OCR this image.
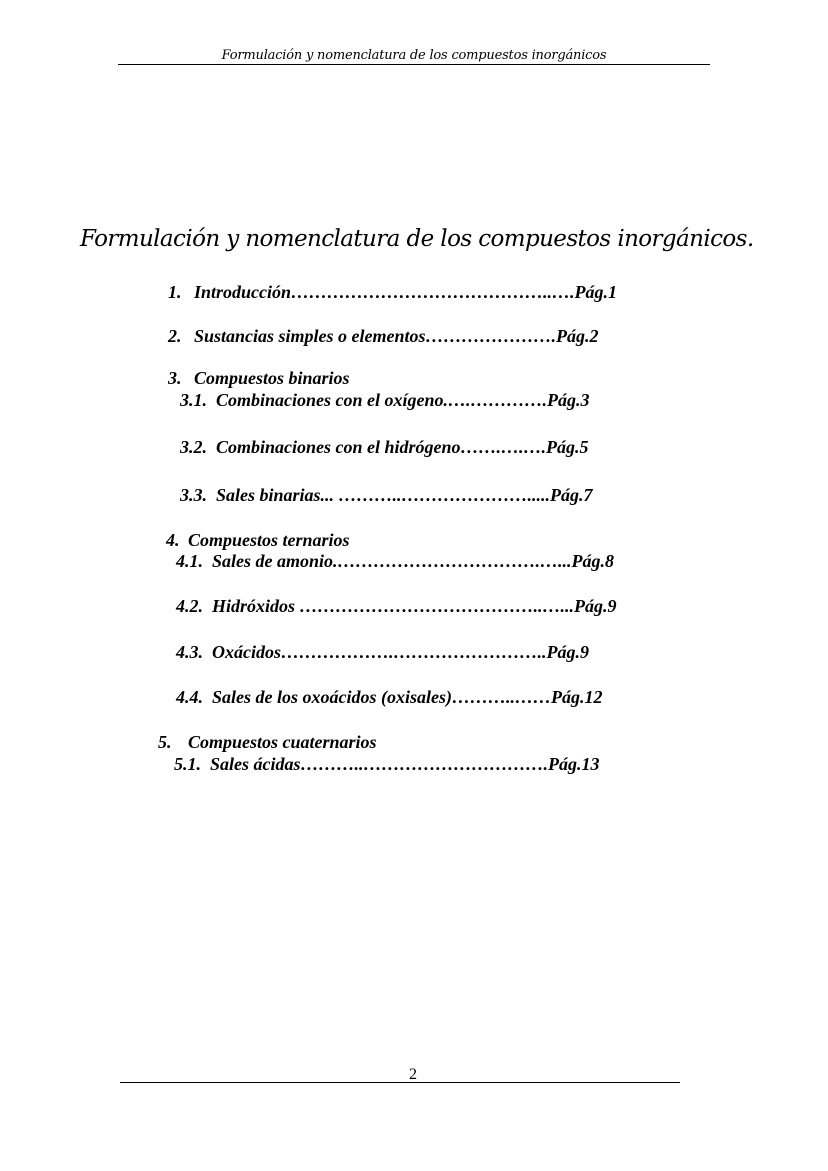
Formulación y nomenclatura de los compuestos inorgánicos
Formulación y nomenclatura de los compuestos inorgánicos.
1. Introducción……………………………………..….Pág.1
2. Sustancias simples o elementos………………….Pág.2
3. Compuestos binarios
3.1. Combinaciones con el oxígeno.….………….Pág.3
3.2. Combinaciones con el hidrógeno…….….….Pág.5
3.3. Sales binarias... ………..………………….....Pág.7
4. Compuestos ternarios
4.1. Sales de amonio.…………………………….…...Pág.8
4.2. Hidróxidos …………………………………..…...Pág.9
4.3. Oxácidos……………….……………………..Pág.9
4.4. Sales de los oxoácidos (oxisales)………..……Pág.12
5. Compuestos cuaternarios
5.1. Sales ácidas………..………………………….Pág.13
2
